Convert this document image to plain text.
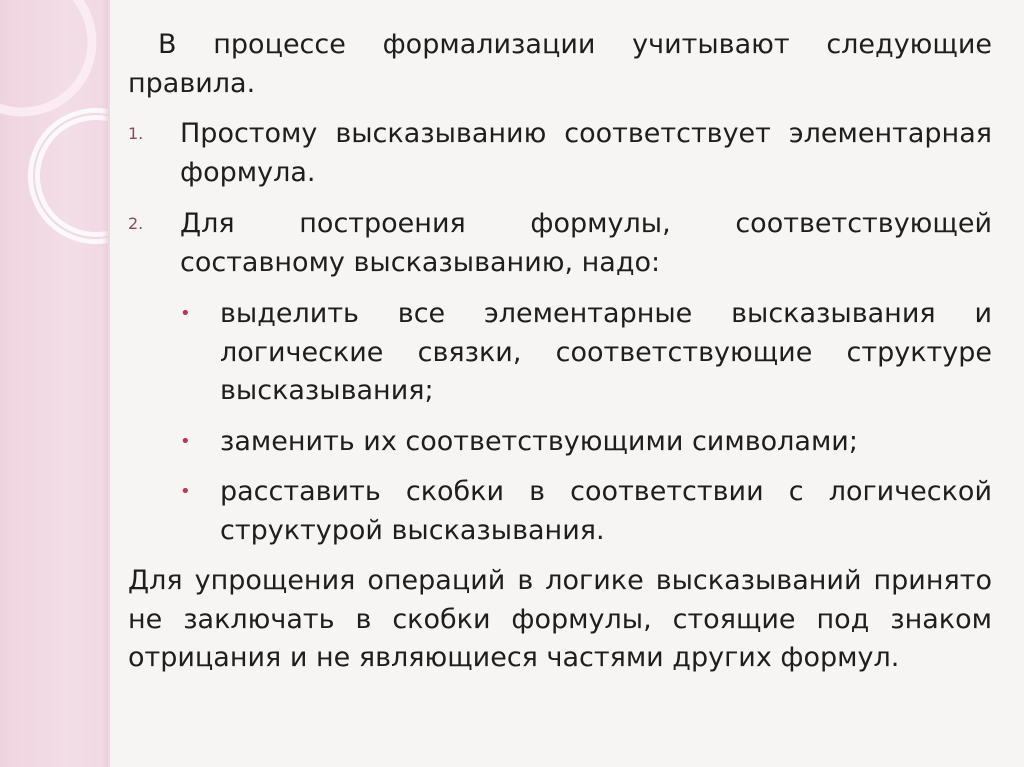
В процессе формализации учитывают следующие правила.

1. Простому высказыванию соответствует элементарная формула.
2. Для построения формулы, соответствующей составному высказыванию, надо:
•	выделить все элементарные высказывания и логические связки, соответствующие структуре высказывания;
•	заменить их соответствующими символами;
•	расставить скобки в соответствии с логической структурой высказывания.

Для упрощения операций в логике высказываний принято не заключать в скобки формулы, стоящие под знаком отрицания и не являющиеся частями других формул.
